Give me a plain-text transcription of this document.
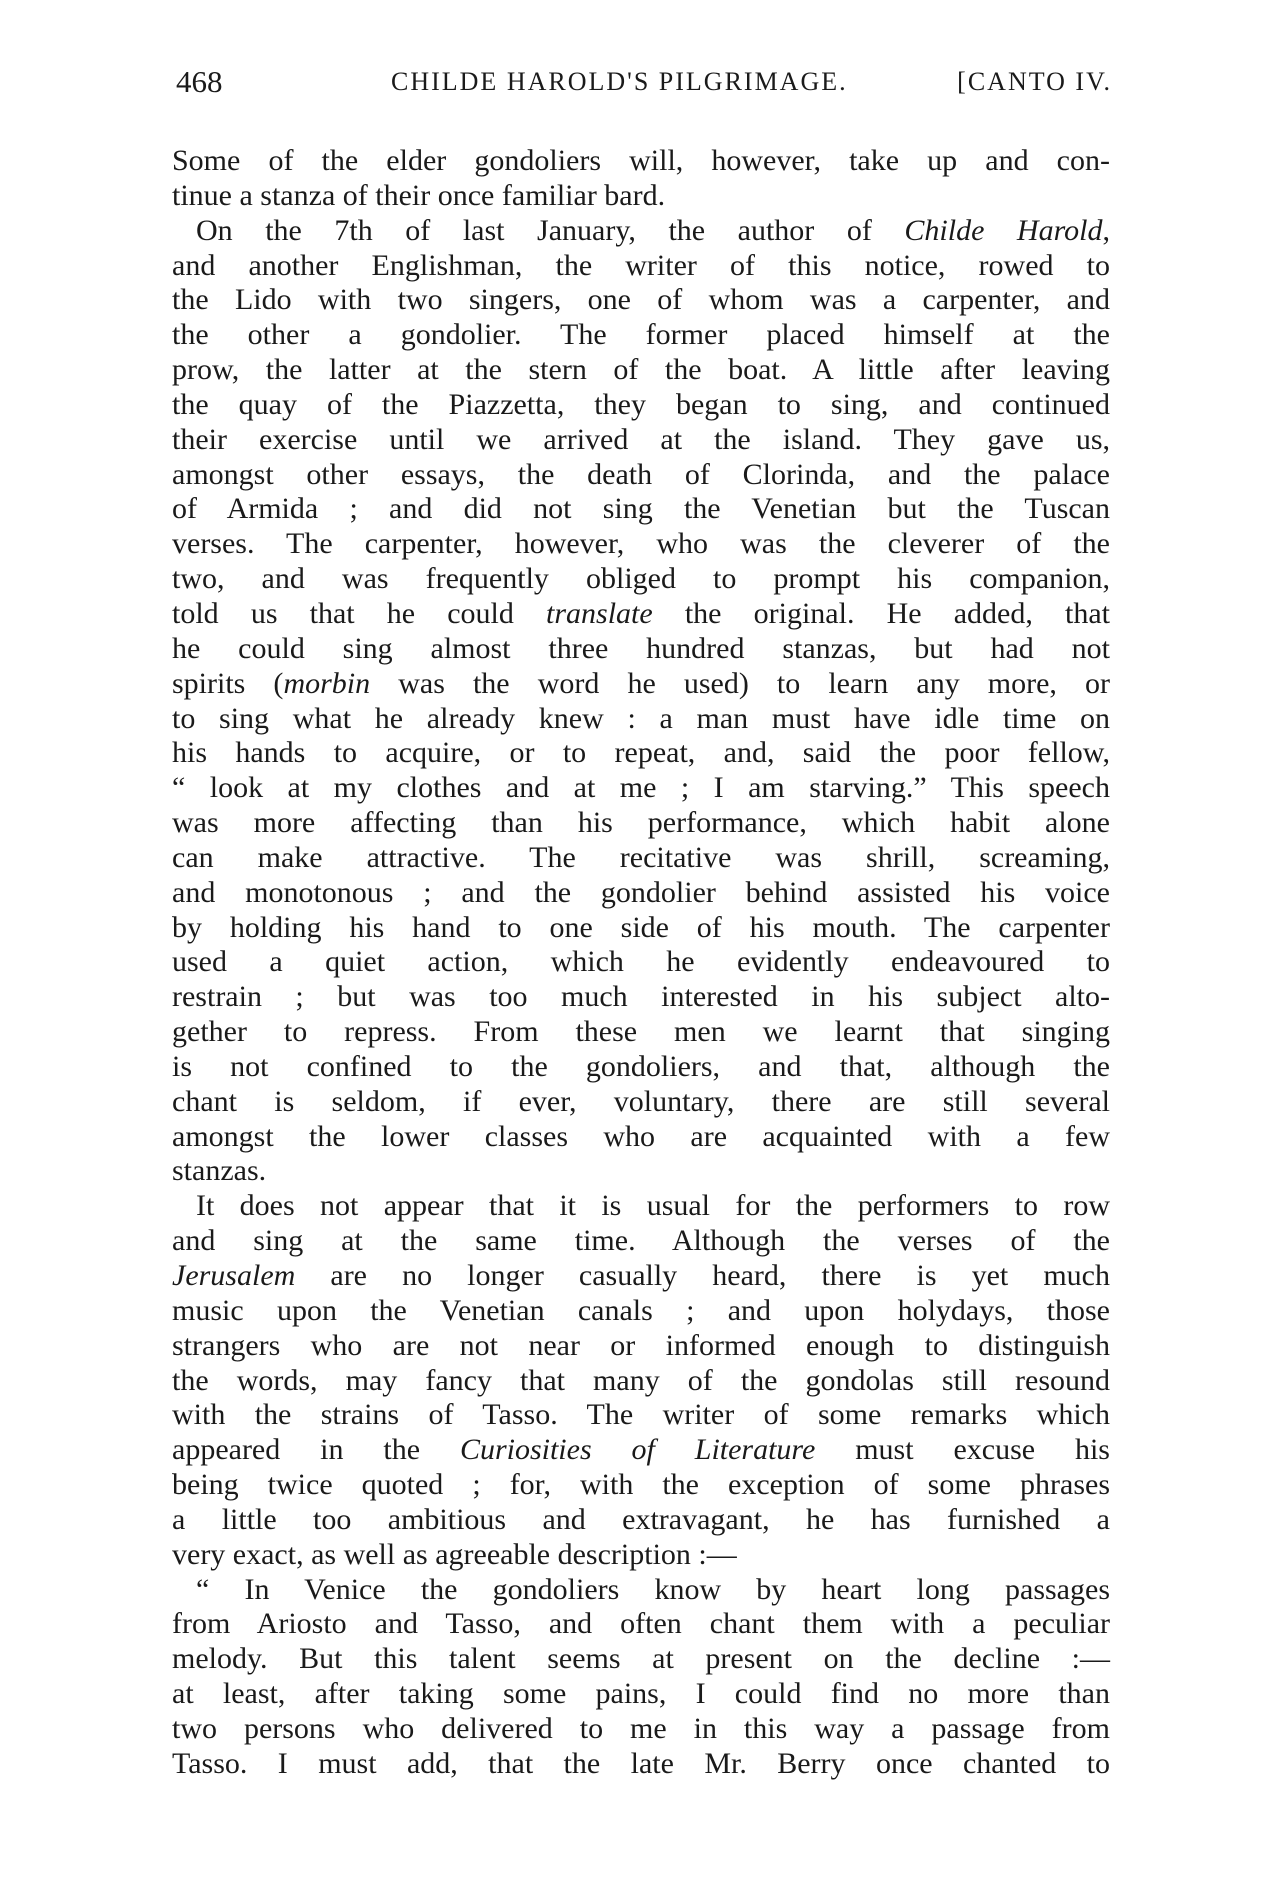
468	CHILDE HAROLD'S PILGRIMAGE.	[CANTO IV.
Some of the elder gondoliers will, however, take up and con-
tinue a stanza of their once familiar bard.
On the 7th of last January, the author of Childe Harold,
and another Englishman, the writer of this notice, rowed to
the Lido with two singers, one of whom was a carpenter, and
the other a gondolier. The former placed himself at the
prow, the latter at the stern of the boat. A little after leaving
the quay of the Piazzetta, they began to sing, and continued
their exercise until we arrived at the island. They gave us,
amongst other essays, the death of Clorinda, and the palace
of Armida ; and did not sing the Venetian but the Tuscan
verses. The carpenter, however, who was the cleverer of the
two, and was frequently obliged to prompt his companion,
told us that he could translate the original. He added, that
he could sing almost three hundred stanzas, but had not
spirits (morbin was the word he used) to learn any more, or
to sing what he already knew : a man must have idle time on
his hands to acquire, or to repeat, and, said the poor fellow,
“ look at my clothes and at me ; I am starving.” This speech
was more affecting than his performance, which habit alone
can make attractive. The recitative was shrill, screaming,
and monotonous ; and the gondolier behind assisted his voice
by holding his hand to one side of his mouth. The carpenter
used a quiet action, which he evidently endeavoured to
restrain ; but was too much interested in his subject alto-
gether to repress. From these men we learnt that singing
is not confined to the gondoliers, and that, although the
chant is seldom, if ever, voluntary, there are still several
amongst the lower classes who are acquainted with a few
stanzas.
It does not appear that it is usual for the performers to row
and sing at the same time. Although the verses of the
Jerusalem are no longer casually heard, there is yet much
music upon the Venetian canals ; and upon holydays, those
strangers who are not near or informed enough to distinguish
the words, may fancy that many of the gondolas still resound
with the strains of Tasso. The writer of some remarks which
appeared in the Curiosities of Literature must excuse his
being twice quoted ; for, with the exception of some phrases
a little too ambitious and extravagant, he has furnished a
very exact, as well as agreeable description :—
“ In Venice the gondoliers know by heart long passages
from Ariosto and Tasso, and often chant them with a peculiar
melody. But this talent seems at present on the decline :—
at least, after taking some pains, I could find no more than
two persons who delivered to me in this way a passage from
Tasso. I must add, that the late Mr. Berry once chanted to
